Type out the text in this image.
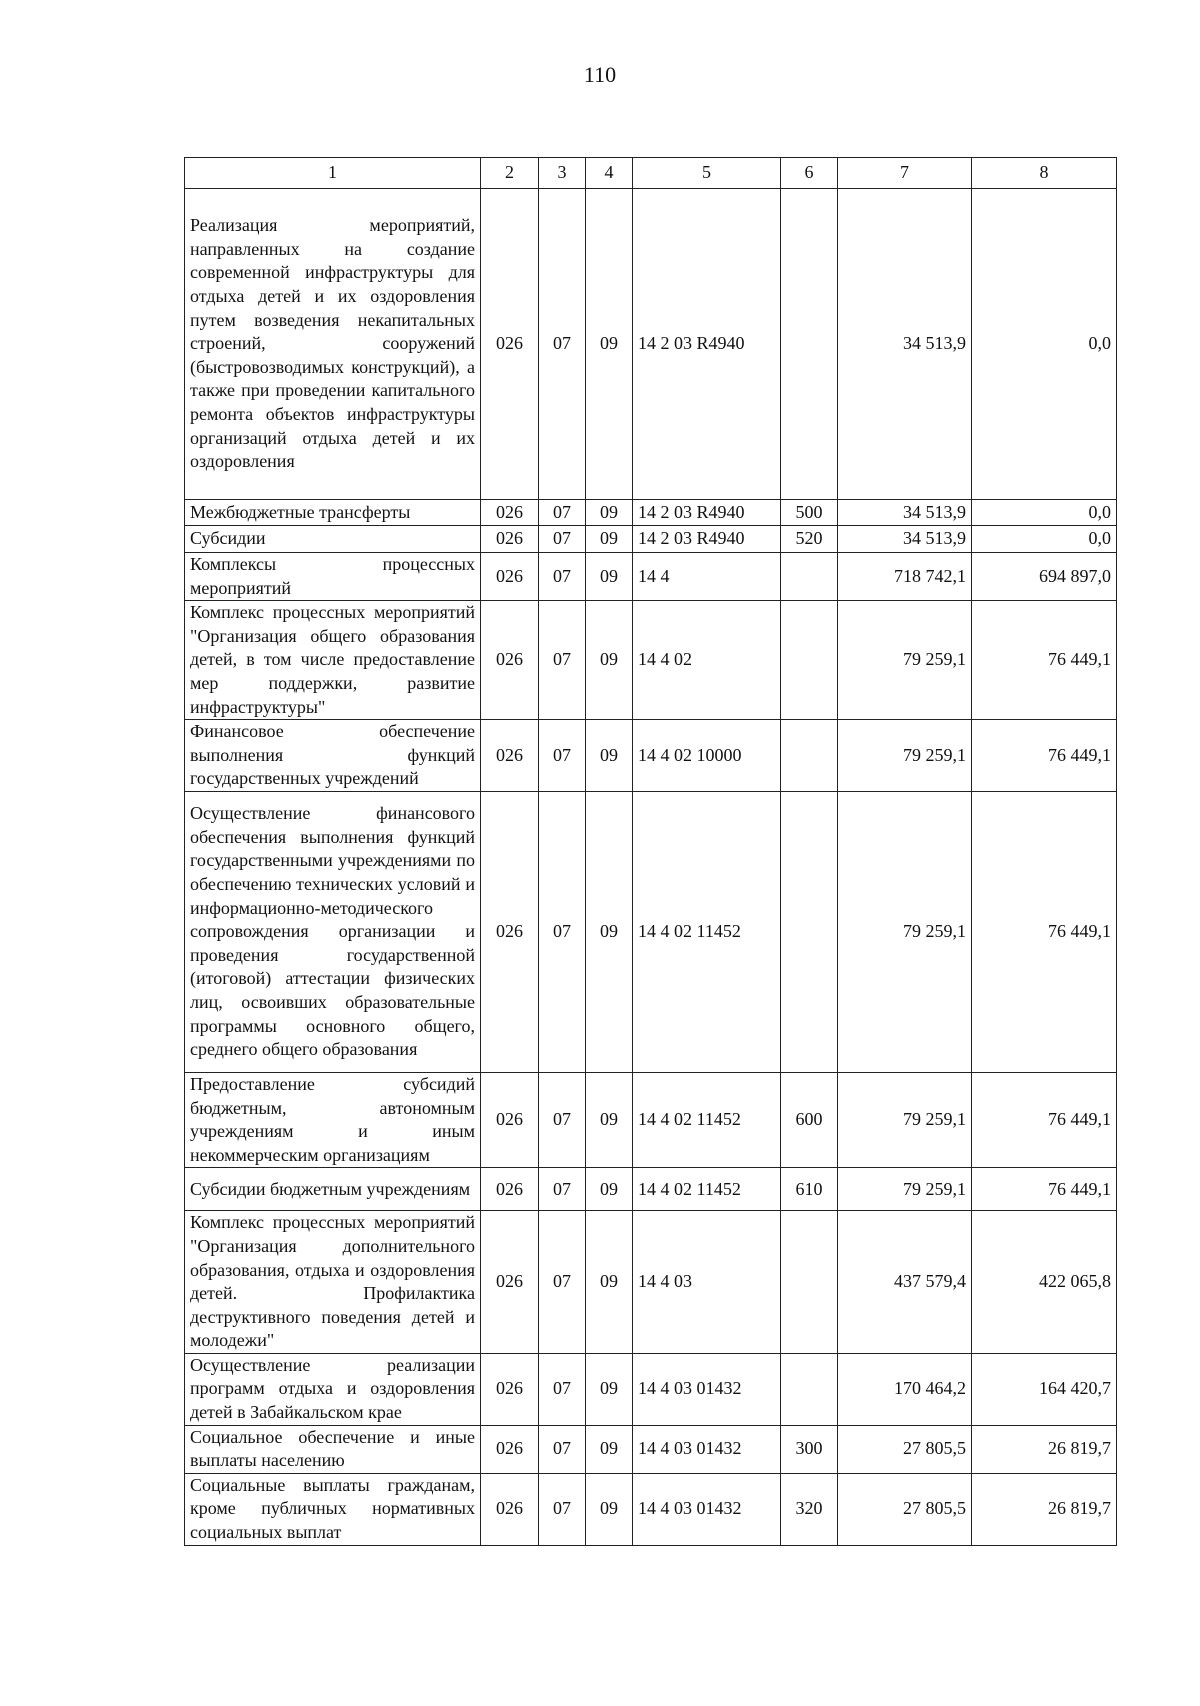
110
1	2	3	4	5	6	7	8
Реализация мероприятий, направленных на создание современной инфраструктуры для отдыха детей и их оздоровления путем возведения некапитальных строений, сооружений (быстровозводимых конструкций), а также при проведении капитального ремонта объектов инфраструктуры организаций отдыха детей и их оздоровления	026	07	09	14 2 03 R4940		34 513,9	0,0
Межбюджетные трансферты	026	07	09	14 2 03 R4940	500	34 513,9	0,0
Субсидии	026	07	09	14 2 03 R4940	520	34 513,9	0,0
Комплексы процессных мероприятий	026	07	09	14 4		718 742,1	694 897,0
Комплекс процессных мероприятий "Организация общего образования детей, в том числе предоставление мер поддержки, развитие инфраструктуры"	026	07	09	14 4 02		79 259,1	76 449,1
Финансовое обеспечение выполнения функций государственных учреждений	026	07	09	14 4 02 10000		79 259,1	76 449,1
Осуществление финансового обеспечения выполнения функций государственными учреждениями по обеспечению технических условий и информационно-методического сопровождения организации и проведения государственной (итоговой) аттестации физических лиц, освоивших образовательные программы основного общего, среднего общего образования	026	07	09	14 4 02 11452		79 259,1	76 449,1
Предоставление субсидий бюджетным, автономным учреждениям и иным некоммерческим организациям	026	07	09	14 4 02 11452	600	79 259,1	76 449,1
Субсидии бюджетным учреждениям	026	07	09	14 4 02 11452	610	79 259,1	76 449,1
Комплекс процессных мероприятий "Организация дополнительного образования, отдыха и оздоровления детей. Профилактика деструктивного поведения детей и молодежи"	026	07	09	14 4 03		437 579,4	422 065,8
Осуществление реализации программ отдыха и оздоровления детей в Забайкальском крае	026	07	09	14 4 03 01432		170 464,2	164 420,7
Социальное обеспечение и иные выплаты населению	026	07	09	14 4 03 01432	300	27 805,5	26 819,7
Социальные выплаты гражданам, кроме публичных нормативных социальных выплат	026	07	09	14 4 03 01432	320	27 805,5	26 819,7
